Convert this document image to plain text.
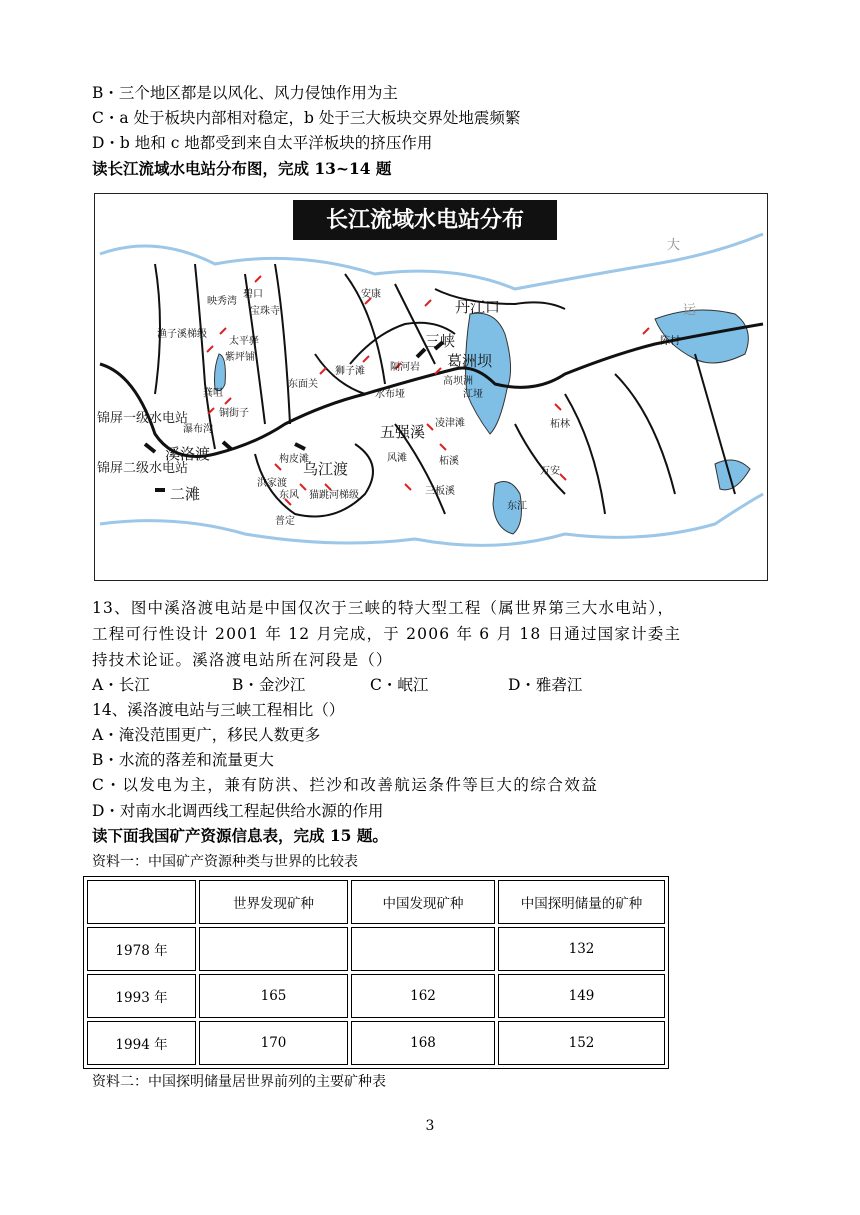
B・三个地区都是以风化、风力侵蚀作用为主
C・a 处于板块内部相对稳定，b 处于三大板块交界处地震频繁
D・b 地和 c 地都受到来自太平洋板块的挤压作用
读长江流域水电站分布图，完成 13~14 题
长江流域水电站分布
大
运
丹江口
三峡
葛洲坝
五强溪
乌江渡
溪洛渡
二滩
锦屏一级水电站
锦屏二级水电站
安康
碧口
宝珠寺
映秀湾
渔子溪梯级
太平驿
紫坪铺
龚咀
铜街子
瀑布沟
狮子滩
东面关
隔河岩
高坝洲
江垭
水布垭
凌津滩
柘溪
风滩
三板溪
柘林
万安
东江
陈村
洪家渡
东风 猫跳河梯级
普定
构皮滩
13、图中溪洛渡电站是中国仅次于三峡的特大型工程（属世界第三大水电站），
工程可行性设计 2001 年 12 月完成，于 2006 年 6 月 18 日通过国家计委主
持技术论证。溪洛渡电站所在河段是（）
A・长江	B・金沙江	C・岷江	D・雅砻江
14、溪洛渡电站与三峡工程相比（）
A・淹没范围更广，移民人数更多
B・水流的落差和流量更大
C・以发电为主，兼有防洪、拦沙和改善航运条件等巨大的综合效益
D・对南水北调西线工程起供给水源的作用
读下面我国矿产资源信息表，完成 15 题。
资料一：中国矿产资源种类与世界的比较表
	世界发现矿种	中国发现矿种	中国探明储量的矿种
1978 年			132
1993 年	165	162	149
1994 年	170	168	152
资料二：中国探明储量居世界前列的主要矿种表
3
